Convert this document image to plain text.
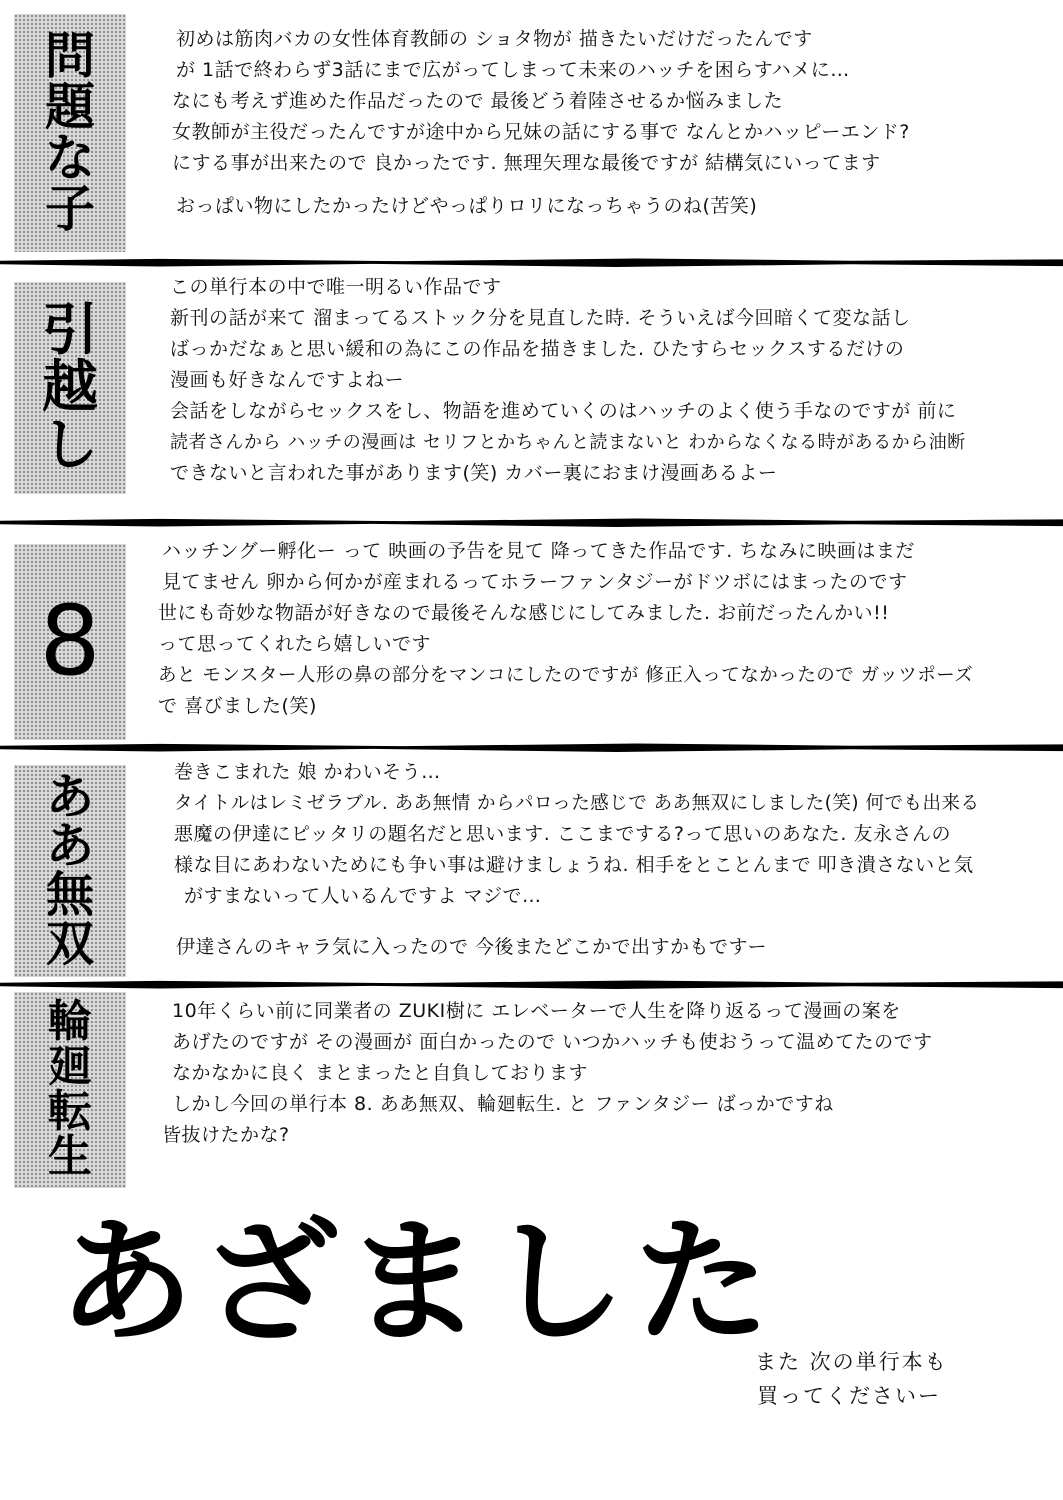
問
題
な
子
初めは筋肉バカの女性体育教師の ショタ物が 描きたいだけだったんです
が 1話で終わらず3話にまで広がってしまって未来のハッチを困らすハメに…
なにも考えず進めた作品だったので 最後どう着陸させるか悩みました
女教師が主役だったんですが途中から兄妹の話にする事で なんとかハッピーエンド?
にする事が出来たので 良かったです. 無理矢理な最後ですが 結構気にいってます
おっぱい物にしたかったけどやっぱりロリになっちゃうのね(苦笑)
引
越
し
この単行本の中で唯一明るい作品です
新刊の話が来て 溜まってるストック分を見直した時. そういえば今回暗くて変な話し
ばっかだなぁと思い緩和の為にこの作品を描きました. ひたすらセックスするだけの
漫画も好きなんですよねー
会話をしながらセックスをし、物語を進めていくのはハッチのよく使う手なのですが 前に
読者さんから ハッチの漫画は セリフとかちゃんと読まないと わからなくなる時があるから油断
できないと言われた事があります(笑) カバー裏におまけ漫画あるよー
8
ハッチングー孵化ー って 映画の予告を見て 降ってきた作品です. ちなみに映画はまだ
見てません 卵から何かが産まれるってホラーファンタジーがドツボにはまったのです
世にも奇妙な物語が好きなので最後そんな感じにしてみました. お前だったんかい!!
って思ってくれたら嬉しいです
あと モンスター人形の鼻の部分をマンコにしたのですが 修正入ってなかったので ガッツポーズ
で 喜びました(笑)
あ
あ
無
双
巻きこまれた 娘 かわいそう…
タイトルはレミゼラブル. ああ無情 からパロった感じで ああ無双にしました(笑) 何でも出来る
悪魔の伊達にピッタリの題名だと思います. ここまでする?って思いのあなた. 友永さんの
様な目にあわないためにも争い事は避けましょうね. 相手をとことんまで 叩き潰さないと気
がすまないって人いるんですよ マジで…
伊達さんのキャラ気に入ったので 今後またどこかで出すかもですー
輪
廻
転
生
10年くらい前に同業者の ZUKI樹に エレベーターで人生を降り返るって漫画の案を
あげたのですが その漫画が 面白かったので いつかハッチも使おうって温めてたのです
なかなかに良く まとまったと自負しております
しかし今回の単行本 8. ああ無双、輪廻転生. と ファンタジー ばっかですね
皆抜けたかな?
あざました
また 次の単行本も
買ってくださいー
